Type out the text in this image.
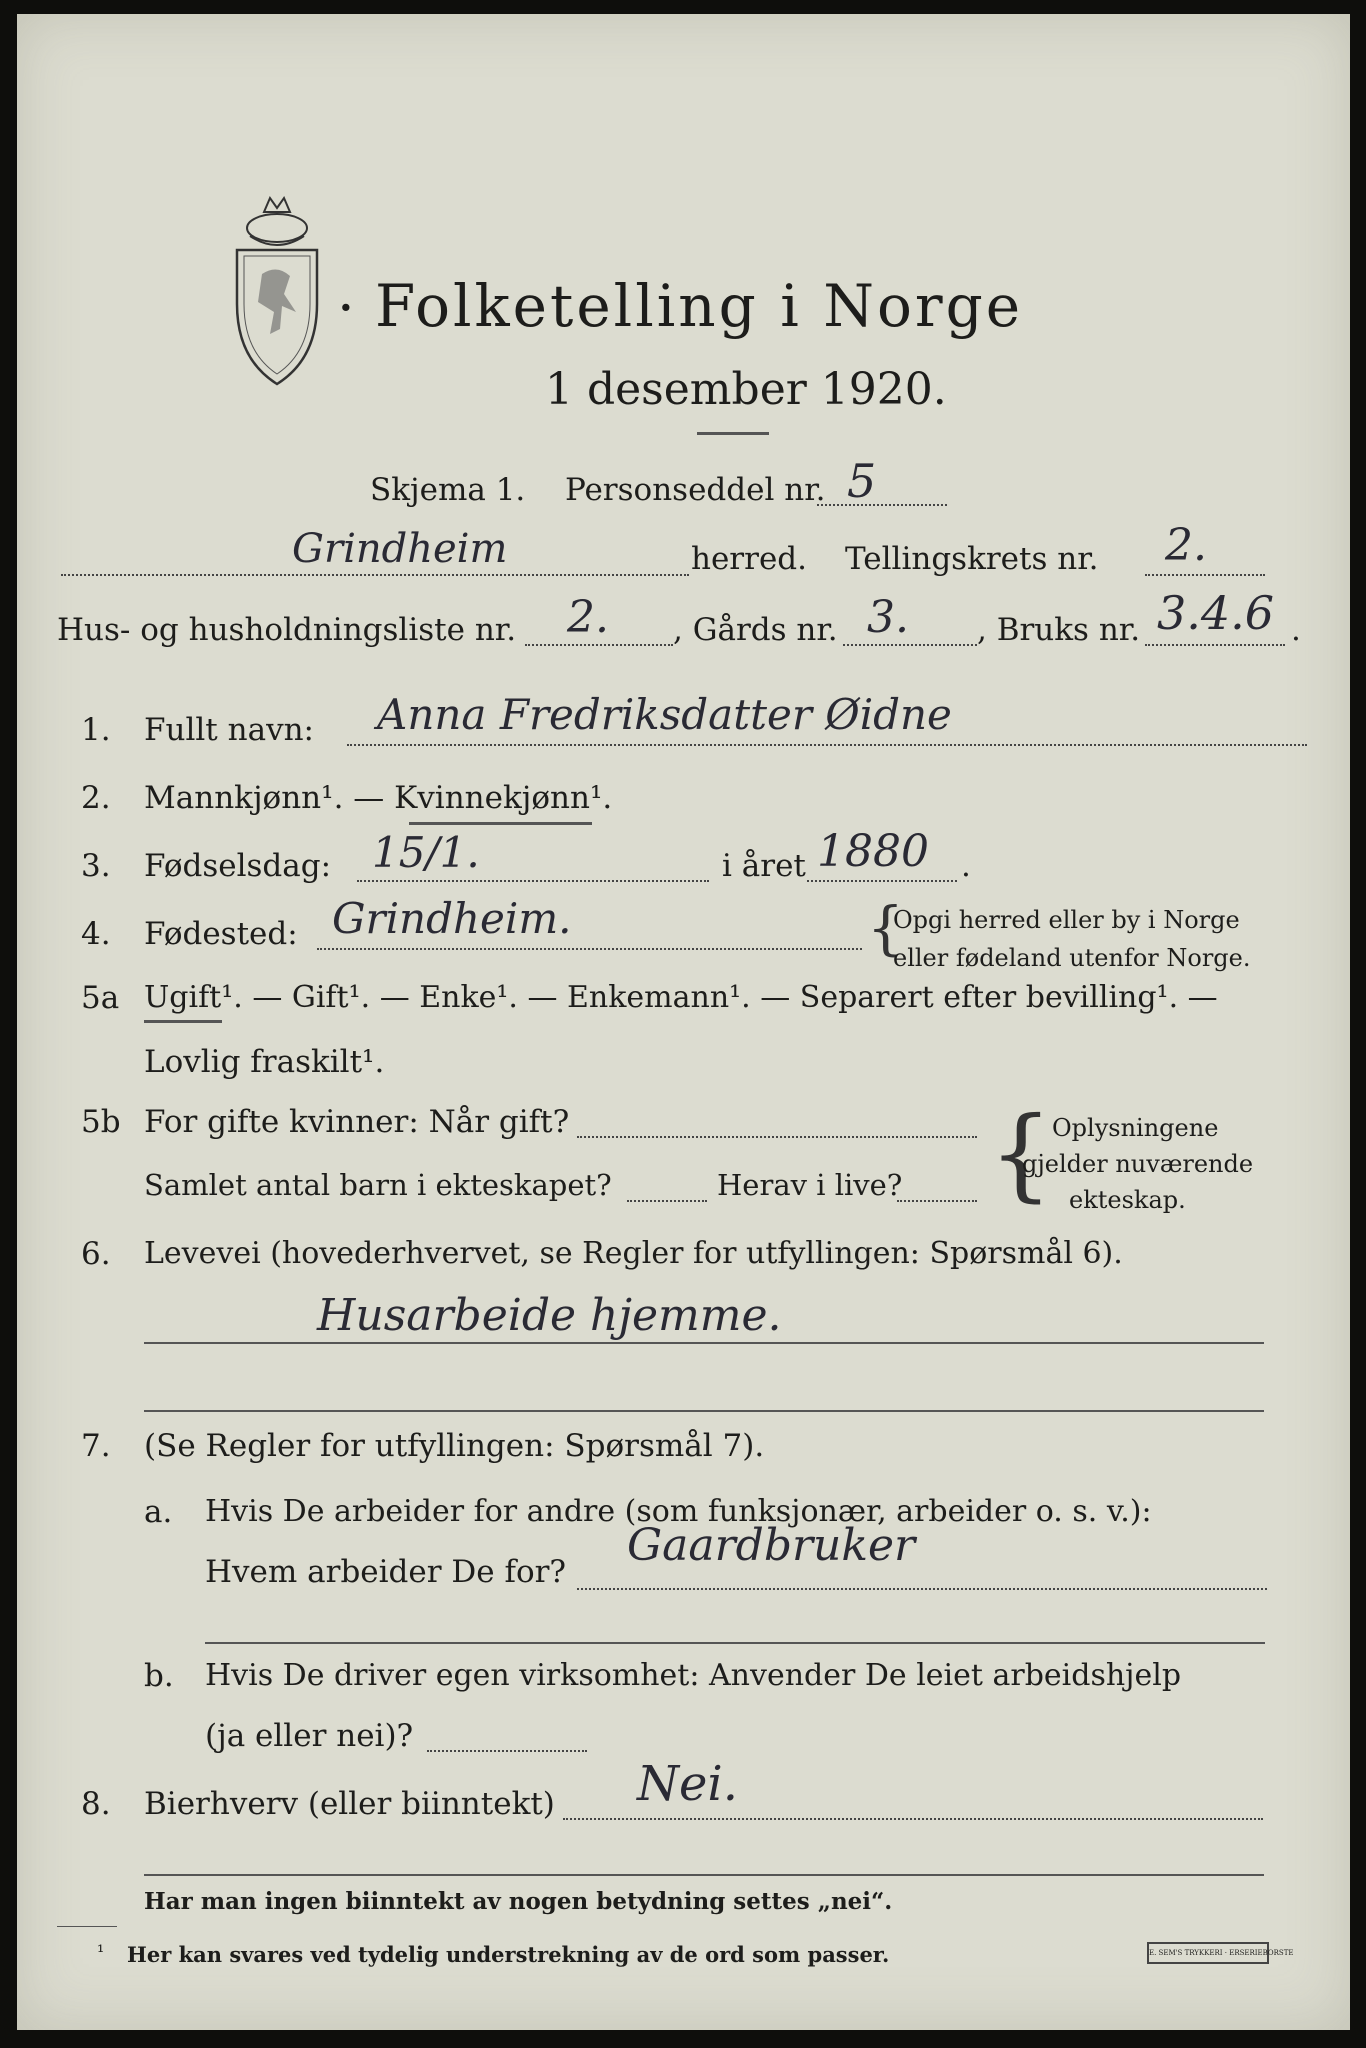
· Folketelling i Norge
1 desember 1920.
Skjema 1. Personseddel nr. 5
Grindheim	herred. Tellingskrets nr. 2.
Hus- og husholdningsliste nr. 2. , Gårds nr. 3. , Bruks nr. 3.4.6 .
1. Fullt navn: Anna Fredriksdatter Øidne
2. Mannkjønn¹. — Kvinnekjønn¹.
3. Fødselsdag: 15/1.	i året 1880 .
4. Fødested: Grindheim.	{
Opgi herred eller by i Norge
eller fødeland utenfor Norge.
5a Ugift¹. — Gift¹. — Enke¹. — Enkemann¹. — Separert efter bevilling¹. —
Lovlig fraskilt¹.
5b For gifte kvinner: Når gift?
Samlet antal barn i ekteskapet?	Herav i live? { Oplysningene
gjelder nuværende
ekteskap.
6. Levevei (hovederhvervet, se Regler for utfyllingen: Spørsmål 6).
Husarbeide hjemme.
7. (Se Regler for utfyllingen: Spørsmål 7).
a. Hvis De arbeider for andre (som funksjonær, arbeider o. s. v.):
Hvem arbeider De for?
Gaardbruker
b. Hvis De driver egen virksomhet: Anvender De leiet arbeidshjelp
(ja eller nei)?
8. Bierhverv (eller biinntekt) Nei.
Har man ingen biinntekt av nogen betydning settes „nei“.
¹ Her kan svares ved tydelig understrekning av de ord som passer.	E. SEM'S TRYKKERI · ERSERIEBORSTE
